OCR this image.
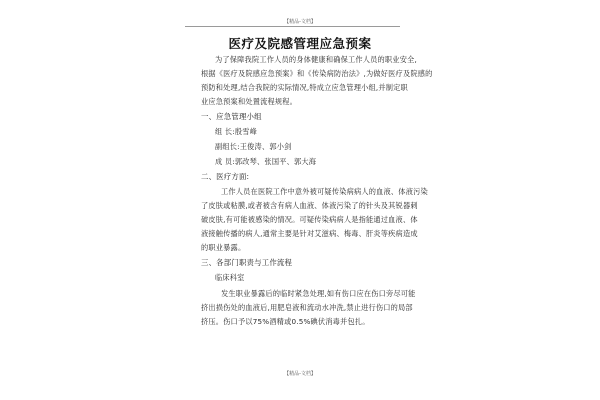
【精品-文档】
医疗及院感管理应急预案
为了保障我院工作人员的身体健康和确保工作人员的职业安全,
根据《医疗及院感应急预案》和《传染病防治法》,为做好医疗及院感的
预防和处理,结合我院的实际情况,特成立应急管理小组,并制定职
业应急预案和处置流程规程。
一、应急管理小组
组 长:殷雪峰
副组长:王俊涛、郭小剑
成 员:郭改琴、张国平、郭大海
二、医疗方面:
工作人员在医院工作中意外被可疑传染病病人的血液、体液污染
了皮肤或粘膜,或者被含有病人血液、体液污染了的针头及其锐器刺
破皮肤,有可能被感染的情况。可疑传染病病人是指能通过血液、体
液接触传播的病人,通常主要是针对艾滋病、梅毒、肝炎等疾病造成
的职业暴露。
三、各部门职责与工作流程
临床科室
发生职业暴露后的临时紧急处理,如有伤口应在伤口旁尽可能
挤出损伤处的血液后,用肥皂液和流动水冲洗,禁止进行伤口的局部
挤压。伤口予以75%酒精或0.5%碘伏消毒并包扎。
【精品-文档】
